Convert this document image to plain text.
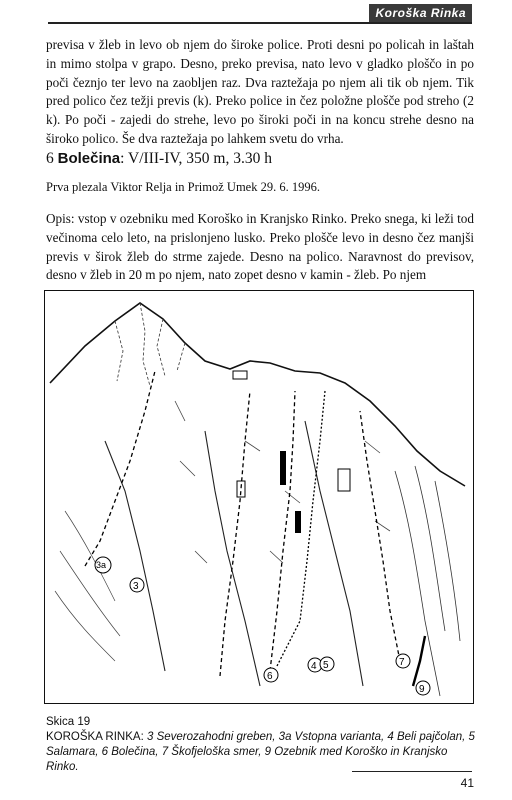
Koroška Rinka

previsa v žleb in levo ob njem do široke police. Proti desni po policah in laštah in mimo stolpa v grapo. Desno, preko previsa, nato levo v gladko ploščo in po poči čeznjo ter levo na zaobljen raz. Dva raztežaja po njem ali tik ob njem. Tik pred polico čez težji previs (k). Preko police in čez položne plošče pod streho (2 k). Po poči - zajedi do strehe, levo po široki poči in na koncu strehe desno na široko polico. Še dva raztežaja po lahkem svetu do vrha.

6 Bolečina: V/III-IV, 350 m, 3.30 h

Prva plezala Viktor Relja in Primož Umek 29. 6. 1996.

Opis: vstop v ozebniku med Koroško in Kranjsko Rinko. Preko snega, ki leži tod večinoma celo leto, na prislonjeno lusko. Preko plošče levo in desno čez manjši previs v širok žleb do strme zajede. Desno na polico. Naravnost do previsov, desno v žleb in 20 m po njem, nato zopet desno v kamin - žleb. Po njem

3
3a
4 5
6
7
9

Skica 19

KOROŠKA RINKA: 3 Severozahodni greben, 3a Vstopna varianta, 4 Beli pajčolan, 5 Salamara, 6 Bolečina, 7 Škofjeloška smer, 9 Ozebnik med Koroško in Kranjsko Rinko.

41
